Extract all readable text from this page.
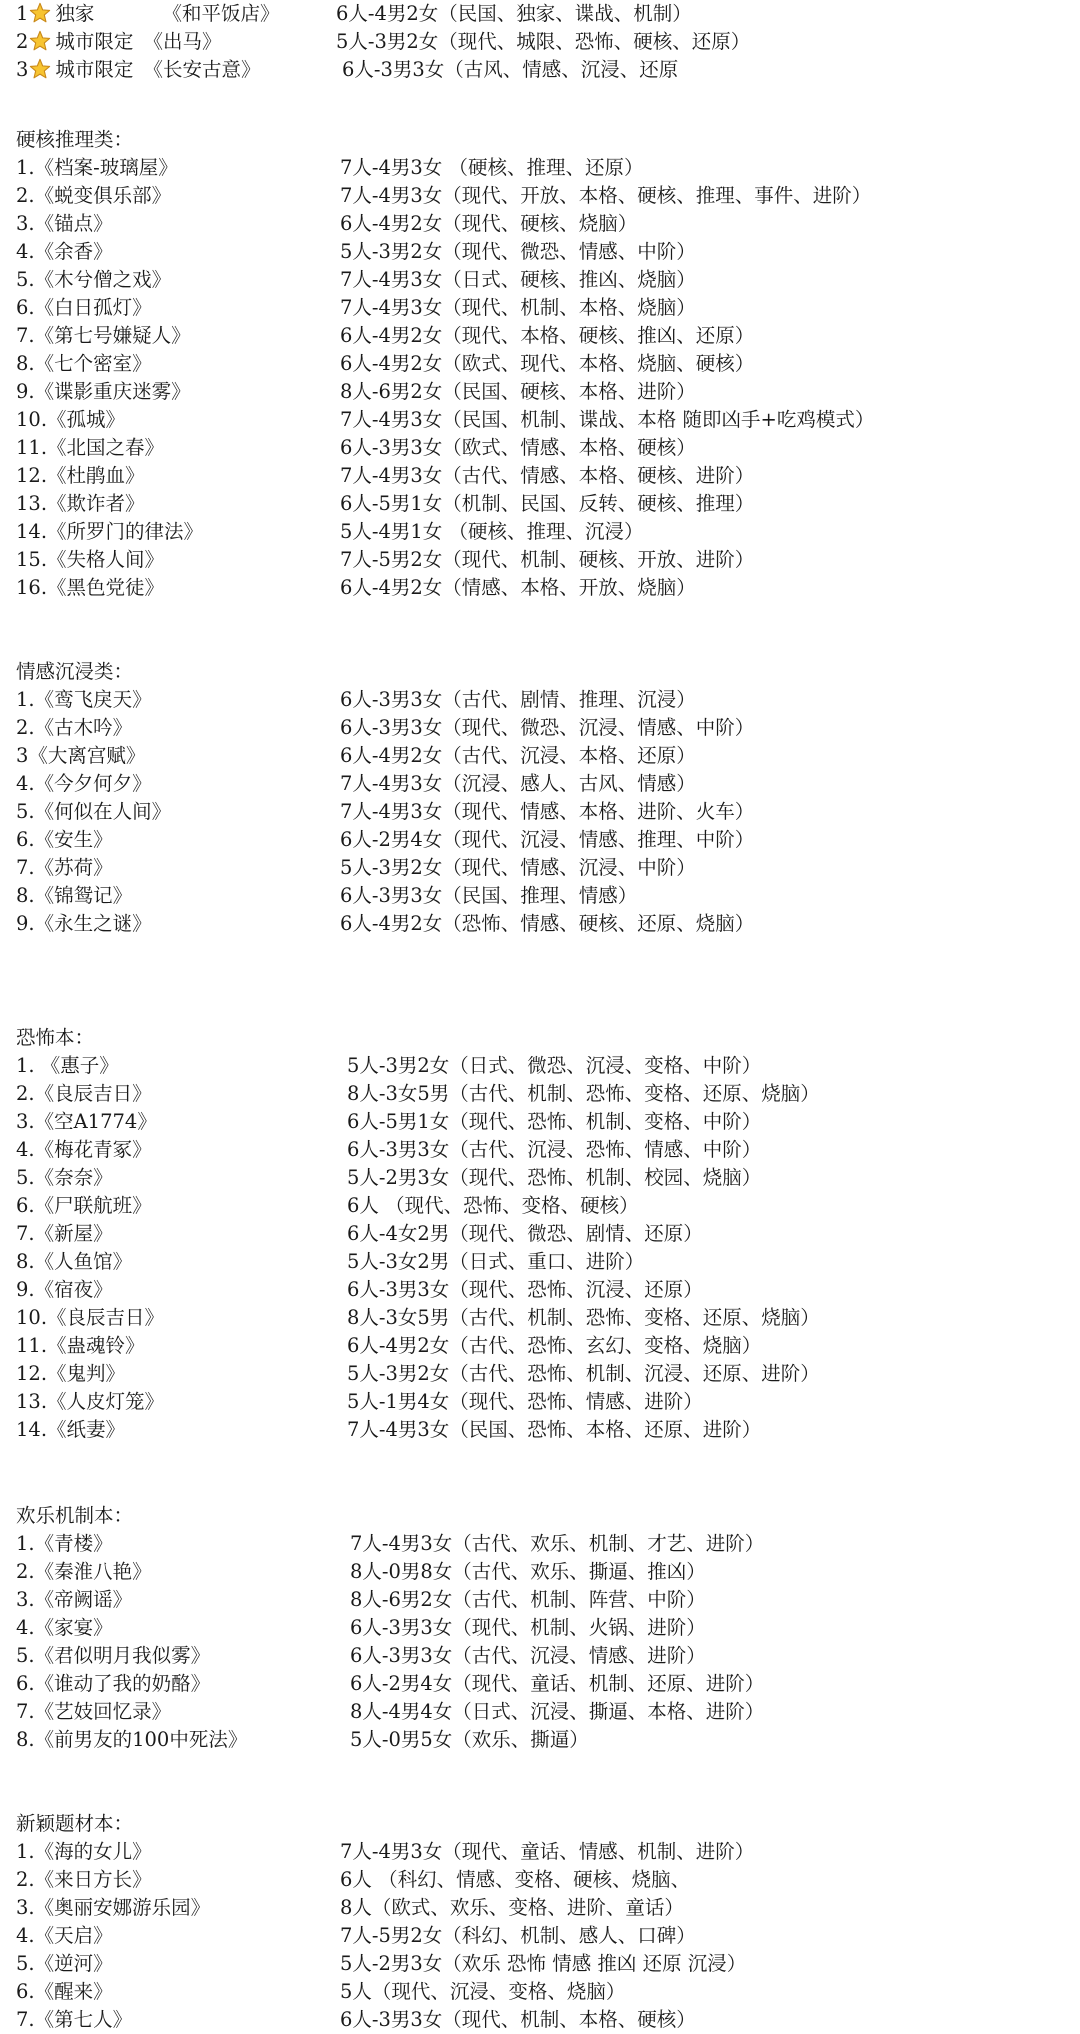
1 独家	《和平饭店》	6人-4男2女（民国、独家、谍战、机制）
2 城市限定 《出马》	5人-3男2女（现代、城限、恐怖、硬核、还原）
3 城市限定 《长安古意》	6人-3男3女（古风、情感、沉浸、还原
硬核推理类：
1.《档案-玻璃屋》	7人-4男3女 （硬核、推理、还原）
2.《蜕变俱乐部》	7人-4男3女（现代、开放、本格、硬核、推理、事件、进阶）
3.《锚点》	6人-4男2女（现代、硬核、烧脑）
4.《余香》	5人-3男2女（现代、微恐、情感、中阶）
5.《木兮僧之戏》	7人-4男3女（日式、硬核、推凶、烧脑）
6.《白日孤灯》	7人-4男3女（现代、机制、本格、烧脑）
7.《第七号嫌疑人》	6人-4男2女（现代、本格、硬核、推凶、还原）
8.《七个密室》	6人-4男2女（欧式、现代、本格、烧脑、硬核）
9.《谍影重庆迷雾》	8人-6男2女（民国、硬核、本格、进阶）
10.《孤城》	7人-4男3女（民国、机制、谍战、本格 随即凶手+吃鸡模式）
11.《北国之春》	6人-3男3女（欧式、情感、本格、硬核）
12.《杜鹃血》	7人-4男3女（古代、情感、本格、硬核、进阶）
13.《欺诈者》	6人-5男1女（机制、民国、反转、硬核、推理）
14.《所罗门的律法》	5人-4男1女 （硬核、推理、沉浸）
15.《失格人间》	7人-5男2女（现代、机制、硬核、开放、进阶）
16.《黑色党徒》	6人-4男2女（情感、本格、开放、烧脑）
情感沉浸类：
1.《鸾飞戾天》	6人-3男3女（古代、剧情、推理、沉浸）
2.《古木吟》	6人-3男3女（现代、微恐、沉浸、情感、中阶）
3《大离宫赋》	6人-4男2女（古代、沉浸、本格、还原）
4.《今夕何夕》	7人-4男3女（沉浸、感人、古风、情感）
5.《何似在人间》	7人-4男3女（现代、情感、本格、进阶、火车）
6.《安生》	6人-2男4女（现代、沉浸、情感、推理、中阶）
7.《苏荷》	5人-3男2女（现代、情感、沉浸、中阶）
8.《锦鸳记》	6人-3男3女（民国、推理、情感）
9.《永生之谜》	6人-4男2女（恐怖、情感、硬核、还原、烧脑）
恐怖本：
1. 《惠子》	5人-3男2女（日式、微恐、沉浸、变格、中阶）
2.《良辰吉日》	8人-3女5男（古代、机制、恐怖、变格、还原、烧脑）
3.《空A1774》	6人-5男1女（现代、恐怖、机制、变格、中阶）
4.《梅花青冢》	6人-3男3女（古代、沉浸、恐怖、情感、中阶）
5.《奈奈》	5人-2男3女（现代、恐怖、机制、校园、烧脑）
6.《尸联航班》	6人 （现代、恐怖、变格、硬核）
7.《新屋》	6人-4女2男（现代、微恐、剧情、还原）
8.《人鱼馆》	5人-3女2男（日式、重口、进阶）
9.《宿夜》	6人-3男3女（现代、恐怖、沉浸、还原）
10.《良辰吉日》	8人-3女5男（古代、机制、恐怖、变格、还原、烧脑）
11.《蛊魂铃》	6人-4男2女（古代、恐怖、玄幻、变格、烧脑）
12.《鬼判》	5人-3男2女（古代、恐怖、机制、沉浸、还原、进阶）
13.《人皮灯笼》	5人-1男4女（现代、恐怖、情感、进阶）
14.《纸妻》	7人-4男3女（民国、恐怖、本格、还原、进阶）
欢乐机制本：
1.《青楼》	7人-4男3女（古代、欢乐、机制、才艺、进阶）
2.《秦淮八艳》	8人-0男8女（古代、欢乐、撕逼、推凶）
3.《帝阙谣》	8人-6男2女（古代、机制、阵营、中阶）
4.《家宴》	6人-3男3女（现代、机制、火锅、进阶）
5.《君似明月我似雾》	6人-3男3女（古代、沉浸、情感、进阶）
6.《谁动了我的奶酪》	6人-2男4女（现代、童话、机制、还原、进阶）
7.《艺妓回忆录》	8人-4男4女（日式、沉浸、撕逼、本格、进阶）
8.《前男友的100中死法》	5人-0男5女（欢乐、撕逼）
新颖题材本：
1.《海的女儿》	7人-4男3女（现代、童话、情感、机制、进阶）
2.《来日方长》	6人 （科幻、情感、变格、硬核、烧脑、
3.《奥丽安娜游乐园》	8人（欧式、欢乐、变格、进阶、童话）
4.《天启》	7人-5男2女（科幻、机制、感人、口碑）
5.《逆河》	5人-2男3女（欢乐 恐怖 情感 推凶 还原 沉浸）
6.《醒来》	5人（现代、沉浸、变格、烧脑）
7.《第七人》	6人-3男3女（现代、机制、本格、硬核）
